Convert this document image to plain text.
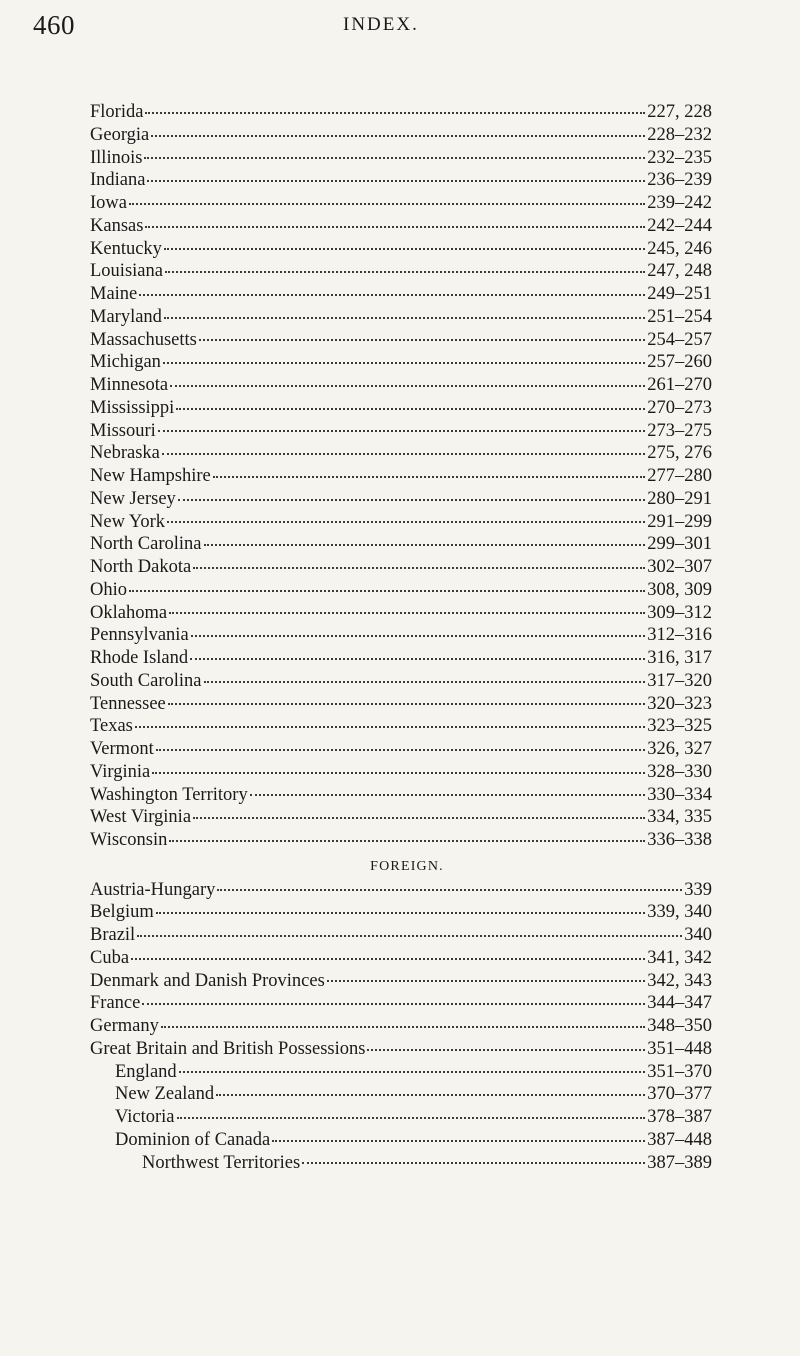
460	INDEX.
Florida	227, 228
Georgia	228–232
Illinois	232–235
Indiana	236–239
Iowa	239–242
Kansas	242–244
Kentucky	245, 246
Louisiana	247, 248
Maine	249–251
Maryland	251–254
Massachusetts	254–257
Michigan	257–260
Minnesota	261–270
Mississippi	270–273
Missouri	273–275
Nebraska	275, 276
New Hampshire	277–280
New Jersey	280–291
New York	291–299
North Carolina	299–301
North Dakota	302–307
Ohio	308, 309
Oklahoma	309–312
Pennsylvania	312–316
Rhode Island	316, 317
South Carolina	317–320
Tennessee	320–323
Texas	323–325
Vermont	326, 327
Virginia	328–330
Washington Territory	330–334
West Virginia	334, 335
Wisconsin	336–338
FOREIGN.
Austria-Hungary	339
Belgium	339, 340
Brazil	340
Cuba	341, 342
Denmark and Danish Provinces	342, 343
France	344–347
Germany	348–350
Great Britain and British Possessions	351–448
England	351–370
New Zealand	370–377
Victoria	378–387
Dominion of Canada	387–448
Northwest Territories	387–389
